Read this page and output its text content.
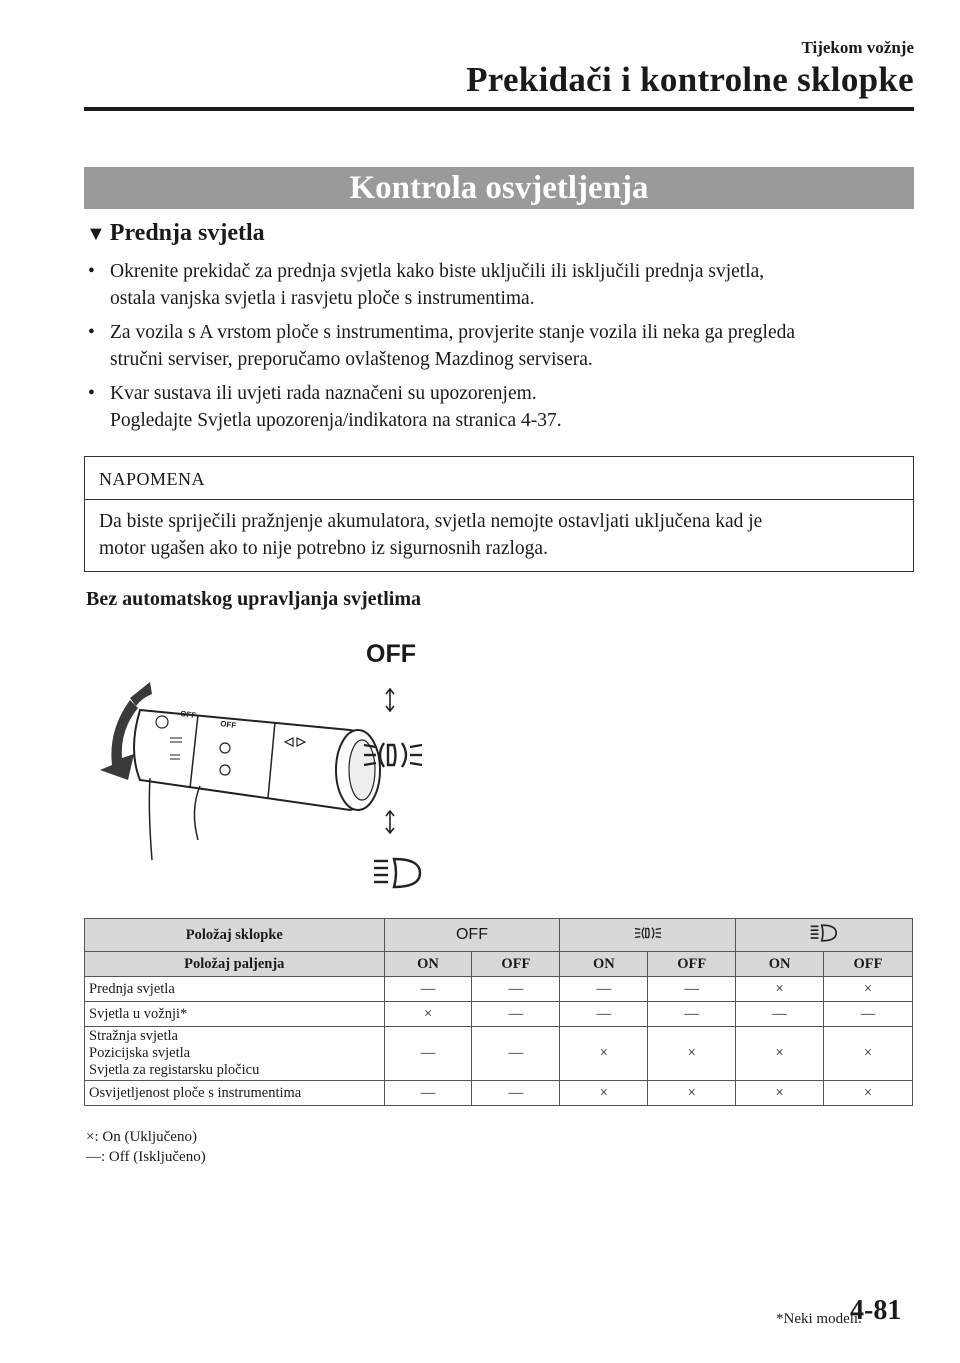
Tijekom vožnje
Prekidači i kontrolne sklopke
Kontrola osvjetljenja
▼ Prednja svjetla
• Okrenite prekidač za prednja svjetla kako biste uključili ili isključili prednja svjetla,
ostala vanjska svjetla i rasvjetu ploče s instrumentima.
• Za vozila s A vrstom ploče s instrumentima, provjerite stanje vozila ili neka ga pregleda
stručni serviser, preporučamo ovlaštenog Mazdinog servisera.
• Kvar sustava ili uvjeti rada naznačeni su upozorenjem.
Pogledajte Svjetla upozorenja/indikatora na stranica 4-37.
NAPOMENA
Da biste spriječili pražnjenje akumulatora, svjetla nemojte ostavljati uključena kad je
motor ugašen ako to nije potrebno iz sigurnosnih razloga.
Bez automatskog upravljanja svjetlima
OFF
OFF
OFF
Položaj sklopke	OFF		
Položaj paljenja	ON	OFF	ON	OFF	ON	OFF
Prednja svjetla	—	—	—	—	×	×
Svjetla u vožnji*	×	—	—	—	—	—

Stražnja svjetla
Pozicijska svjetla
Svjetla za registarsku pločicu	—	—	×	×	×	×
Osvijetljenost ploče s instrumentima	—	—	×	×	×	×
×: On (Uključeno)
—: Off (Isključeno)
*Neki modeli.
4-81
